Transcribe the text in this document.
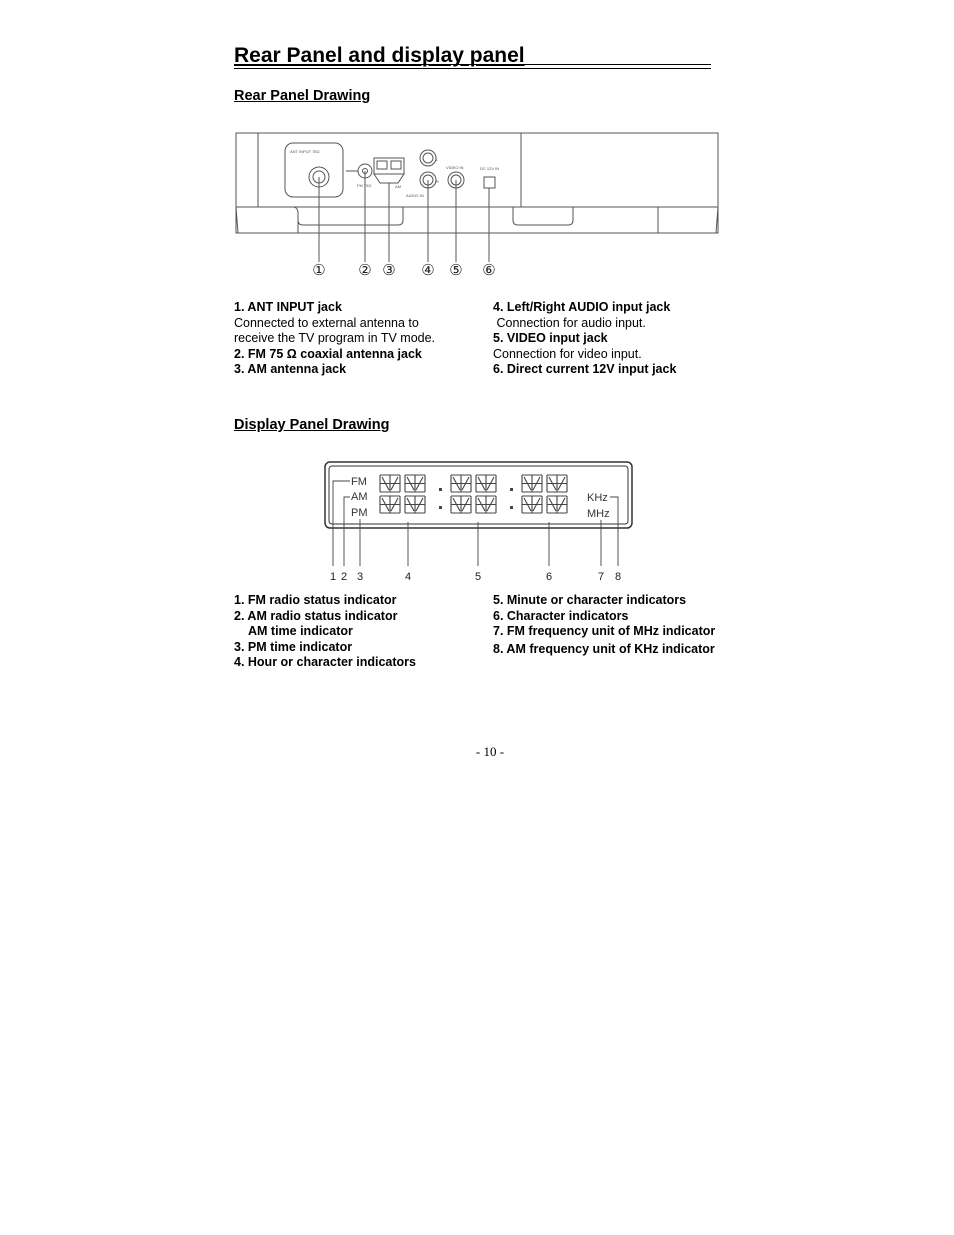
Rear Panel and display panel
Rear Panel Drawing
ANT INPUT 75Ω
FM 75Ω	AM
L
R
AUDIO IN
VIDEO IN	DC 12V IN
① ② ③ ④ ⑤ ⑥
1. ANT INPUT jack
Connected to external antenna to
receive the TV program in TV mode.
2. FM 75 Ω coaxial antenna jack
3. AM antenna jack
4. Left/Right AUDIO input jack
Connection for audio input.
5. VIDEO input jack
Connection for video input.
6. Direct current 12V input jack
Display Panel Drawing
FM
AM
PM
KHz
MHz
1 2 3	4	5	6	7 8
1. FM radio status indicator
2. AM radio status indicator
AM time indicator
3. PM time indicator
4. Hour or character indicators
5. Minute or character indicators
6. Character indicators
7. FM frequency unit of MHz indicator
8. AM frequency unit of KHz indicator
- 10 -
